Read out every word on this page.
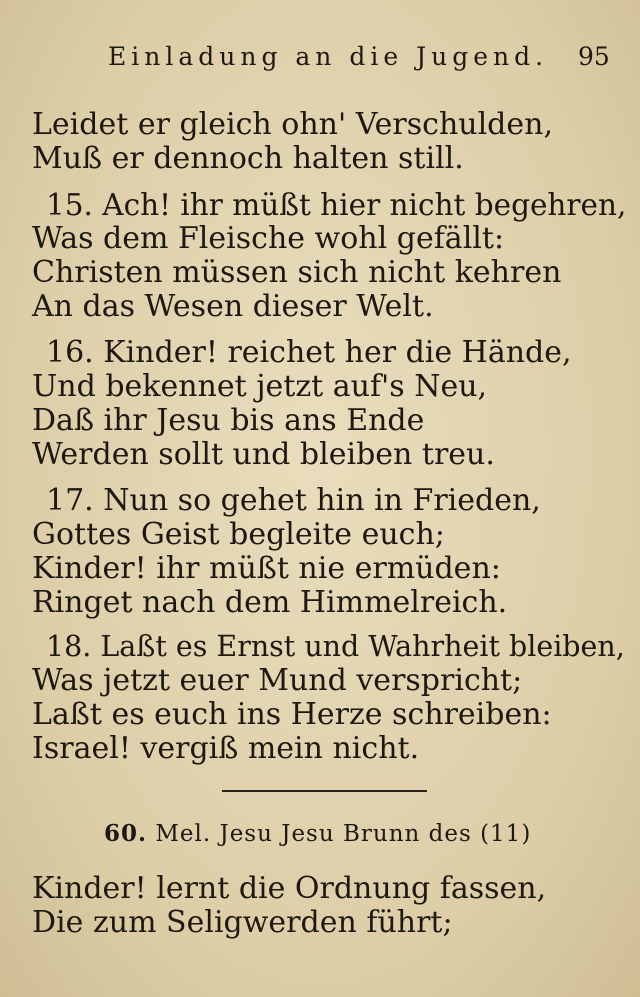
Einladung an die Jugend. 95
Leidet er gleich ohn' Verschulden,
Muß er dennoch halten still.
15. Ach! ihr müßt hier nicht begehren,
Was dem Fleische wohl gefällt:
Christen müssen sich nicht kehren
An das Wesen dieser Welt.
16. Kinder! reichet her die Hände,
Und bekennet jetzt auf's Neu,
Daß ihr Jesu bis ans Ende
Werden sollt und bleiben treu.
17. Nun so gehet hin in Frieden,
Gottes Geist begleite euch;
Kinder! ihr müßt nie ermüden:
Ringet nach dem Himmelreich.
18. Laßt es Ernst und Wahrheit bleiben,
Was jetzt euer Mund verspricht;
Laßt es euch ins Herze schreiben:
Israel! vergiß mein nicht.
60. Mel. Jesu Jesu Brunn des (11)
Kinder! lernt die Ordnung fassen,
Die zum Seligwerden führt;
